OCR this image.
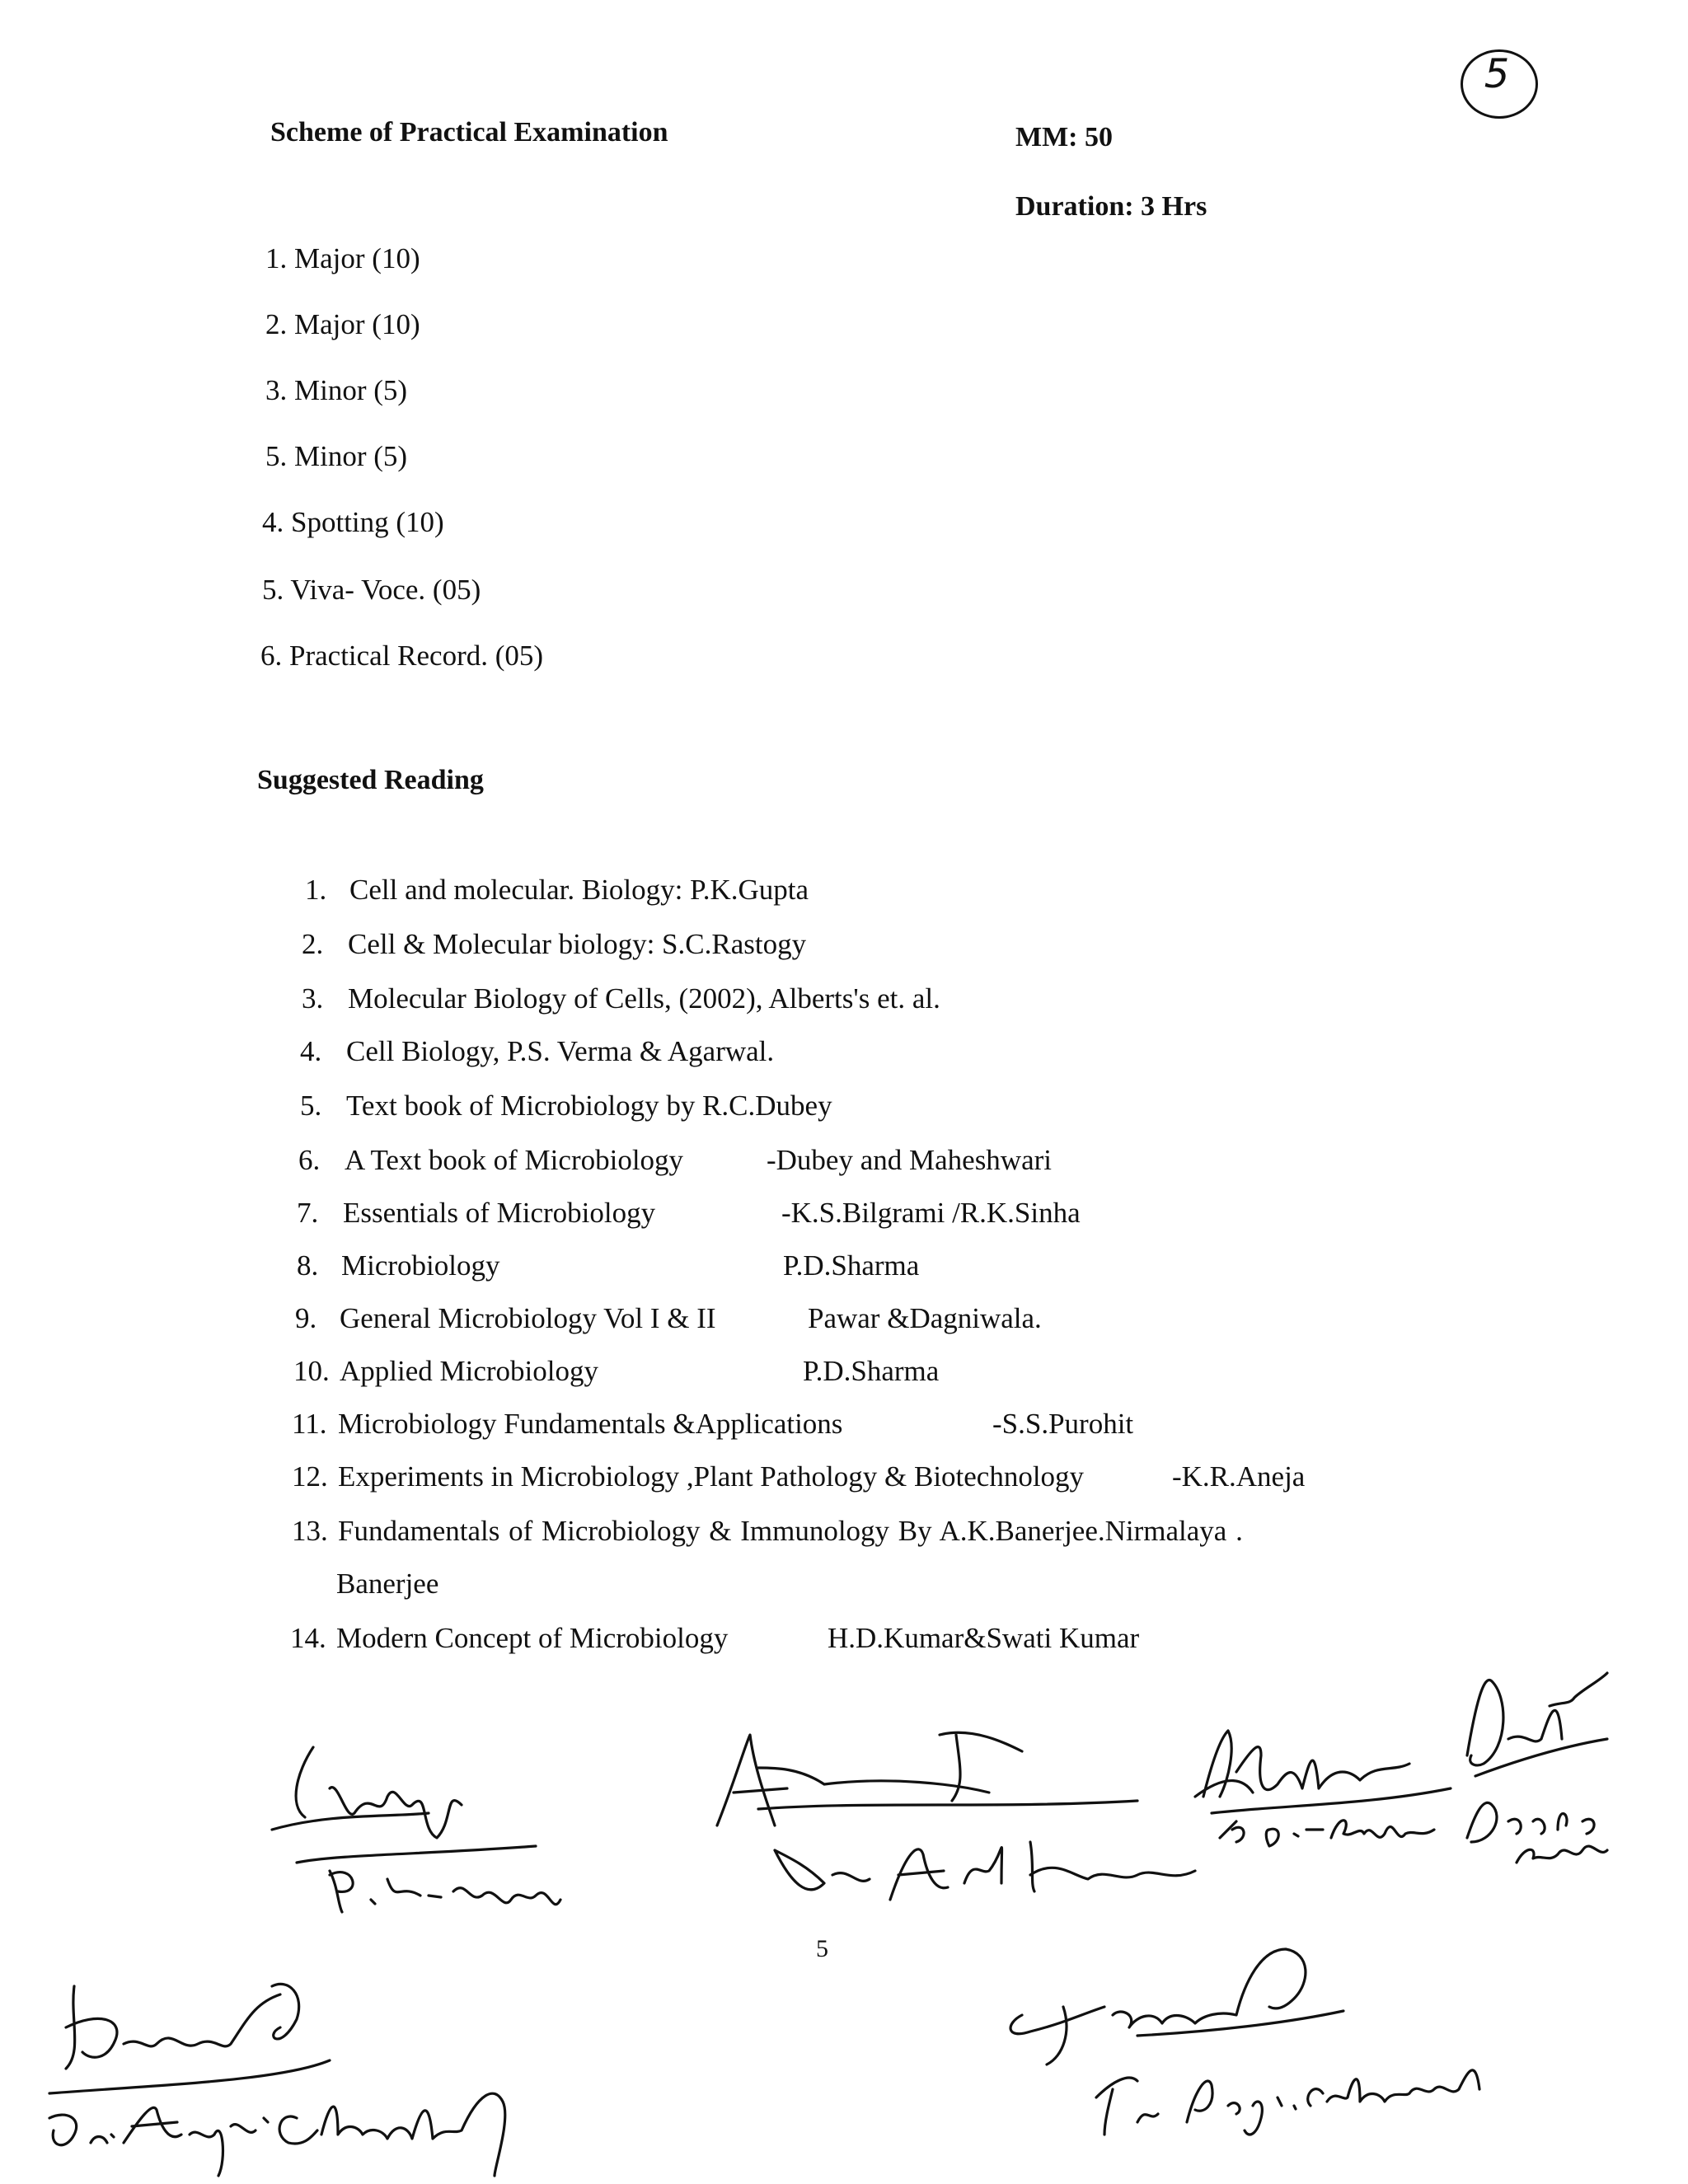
5
Scheme of Practical Examination	MM: 50
Duration: 3 Hrs
1. Major (10)
2. Major (10)
3. Minor (5)
5. Minor (5)
4. Spotting (10)
5. Viva- Voce. (05)
6. Practical Record. (05)
Suggested Reading
1. Cell and molecular. Biology: P.K.Gupta
2. Cell & Molecular biology: S.C.Rastogy
3. Molecular Biology of Cells, (2002), Alberts's et. al.
4. Cell Biology, P.S. Verma & Agarwal.
5. Text book of Microbiology by R.C.Dubey
6. A Text book of Microbiology	-Dubey and Maheshwari
7. Essentials of Microbiology	-K.S.Bilgrami /R.K.Sinha
8. Microbiology	P.D.Sharma
9. General Microbiology Vol I & II	Pawar &Dagniwala.
10. Applied Microbiology	P.D.Sharma
11. Microbiology Fundamentals &Applications	-S.S.Purohit
12. Experiments in Microbiology ,Plant Pathology & Biotechnology	-K.R.Aneja
13. Fundamentals of Microbiology & Immunology By A.K.Banerjee.Nirmalaya .
Banerjee
14. Modern Concept of Microbiology	H.D.Kumar&Swati Kumar
5
